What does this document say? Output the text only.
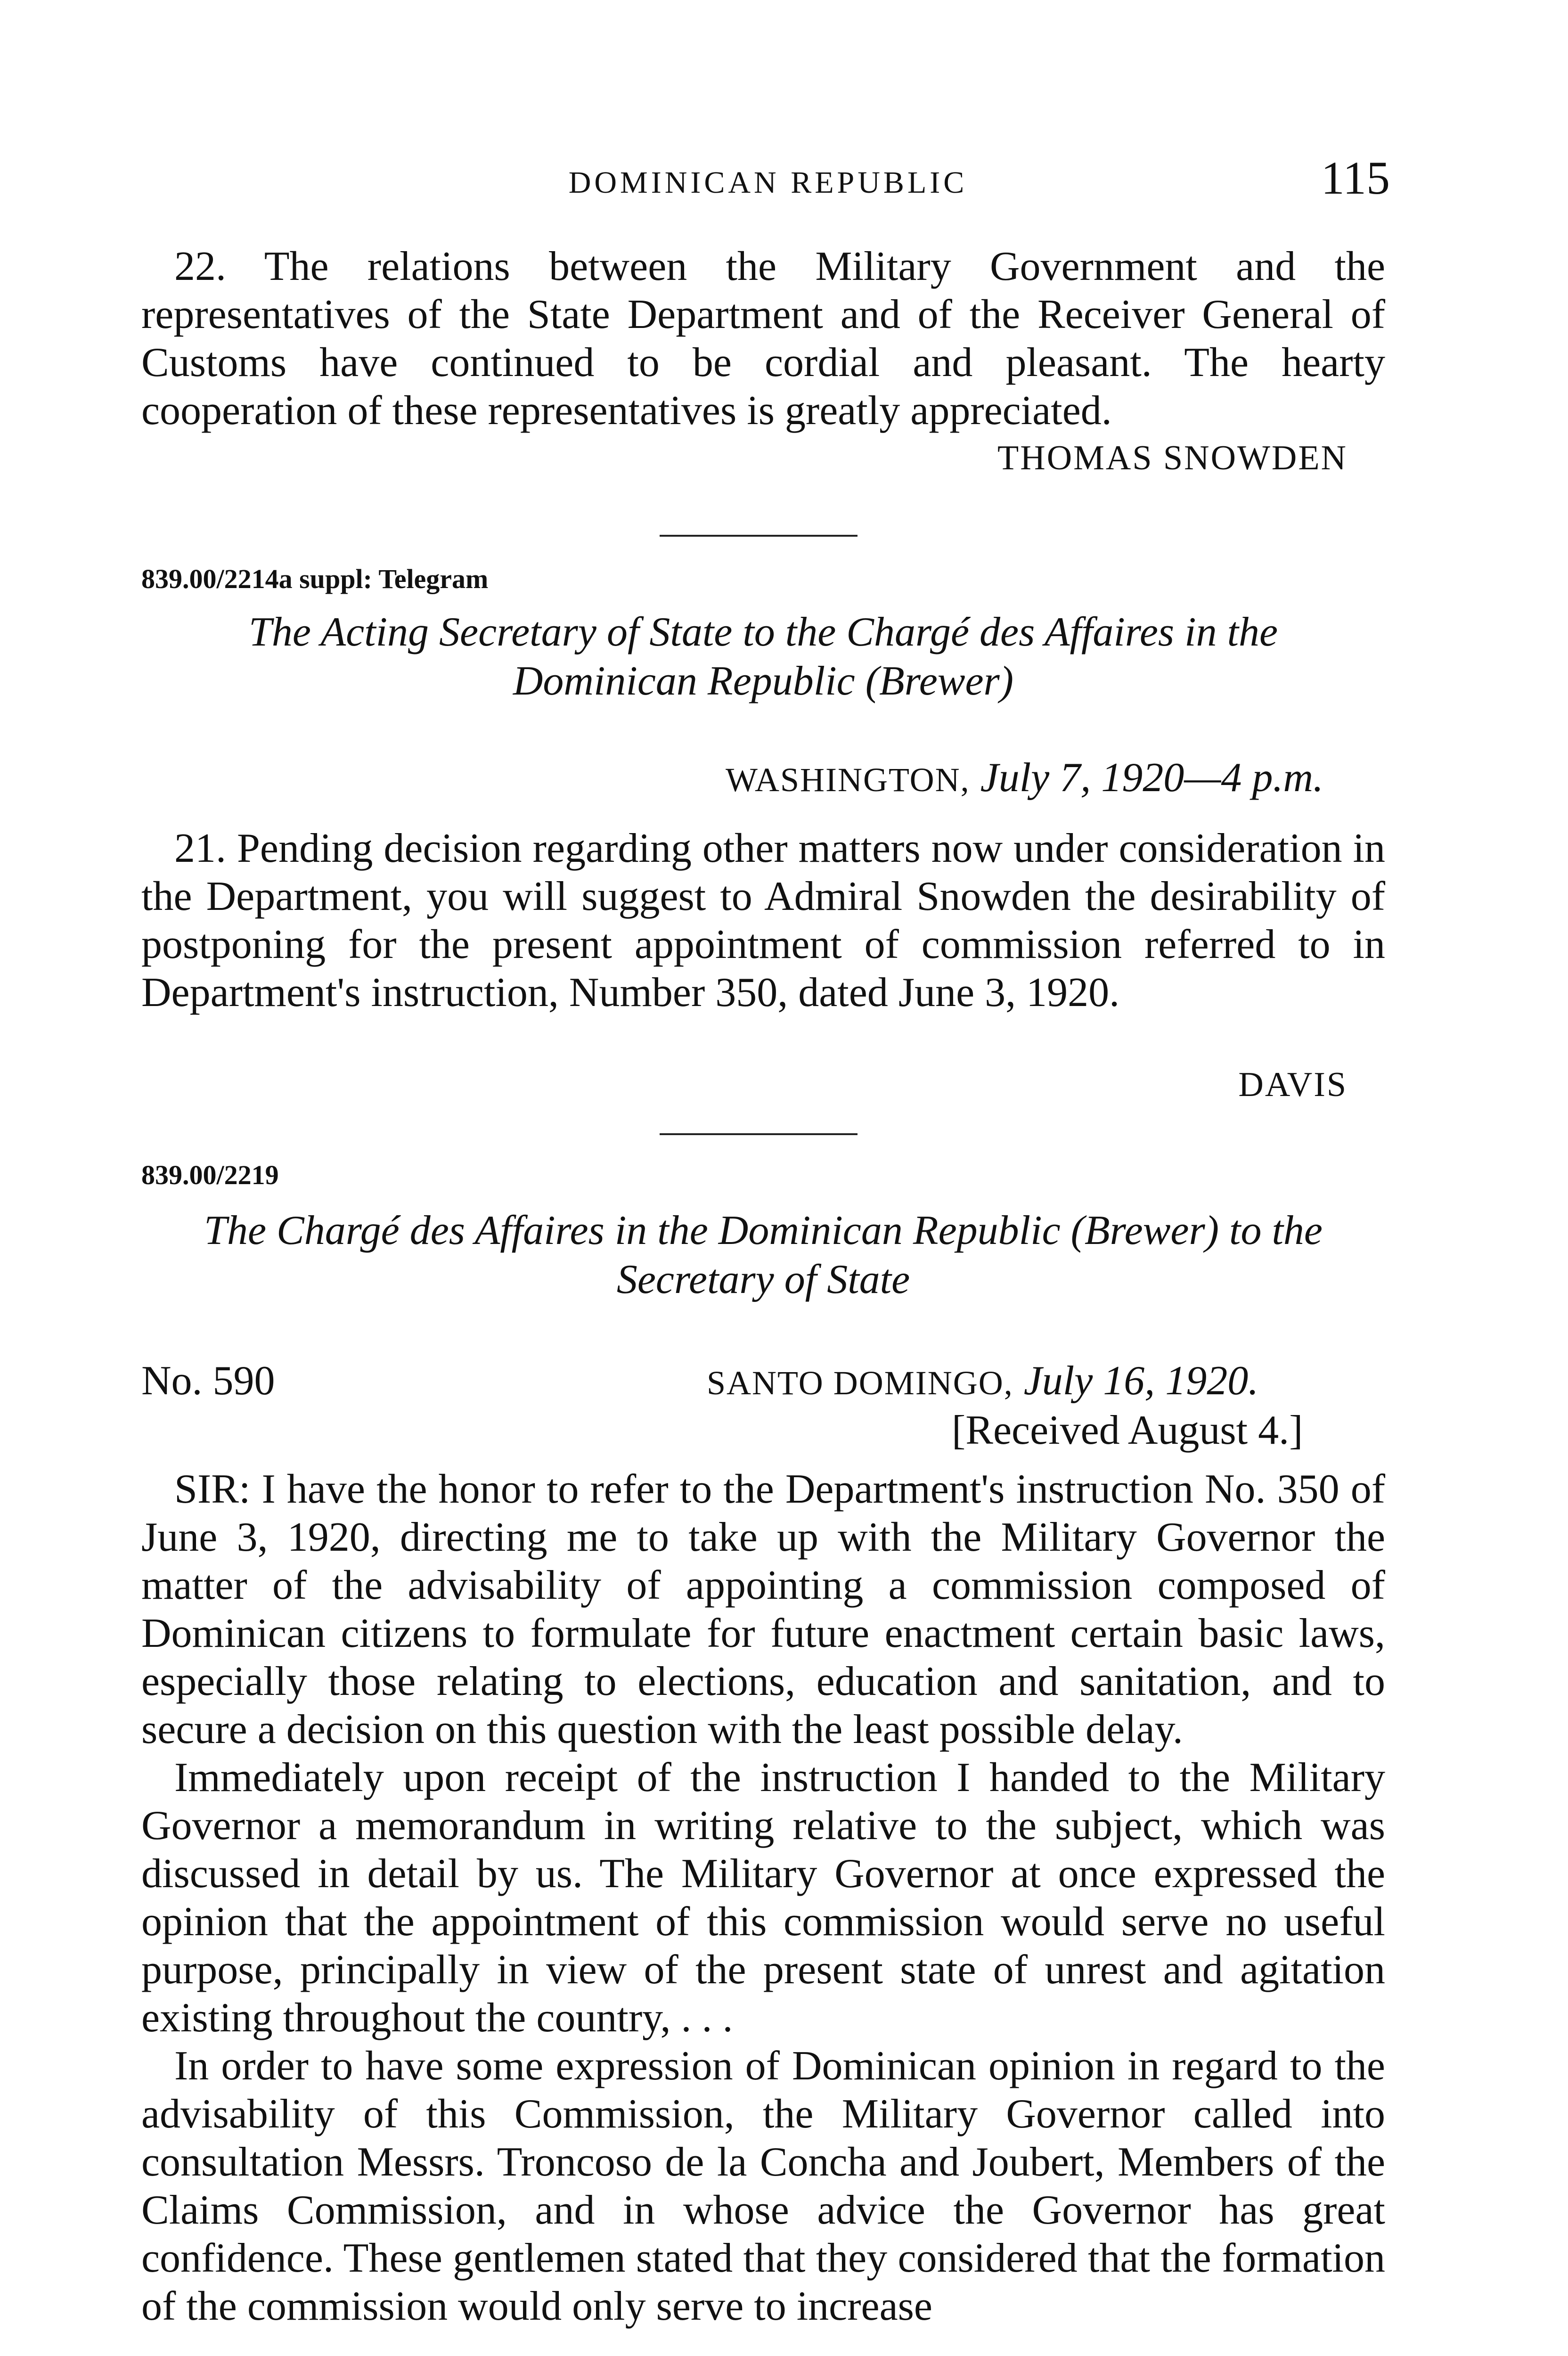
DOMINICAN REPUBLIC	115

22. The relations between the Military Government and the representatives of the State Department and of the Receiver General of Customs have continued to be cordial and pleasant. The hearty cooperation of these representatives is greatly appreciated.

THOMAS SNOWDEN
839.00/2214a suppl: Telegram
The Acting Secretary of State to the Chargé des Affaires in the
Dominican Republic (Brewer)
WASHINGTON, July 7, 1920—4 p.m.

21. Pending decision regarding other matters now under consideration in the Department, you will suggest to Admiral Snowden the desirability of postponing for the present appointment of commission referred to in Department's instruction, Number 350, dated June 3, 1920.

DAVIS
839.00/2219
The Chargé des Affaires in the Dominican Republic (Brewer) to the
Secretary of State
No. 590	SANTO DOMINGO, July 16, 1920.
[Received August 4.]

SIR: I have the honor to refer to the Department's instruction No. 350 of June 3, 1920, directing me to take up with the Military Governor the matter of the advisability of appointing a commission composed of Dominican citizens to formulate for future enactment certain basic laws, especially those relating to elections, education and sanitation, and to secure a decision on this question with the least possible delay.

Immediately upon receipt of the instruction I handed to the Military Governor a memorandum in writing relative to the subject, which was discussed in detail by us. The Military Governor at once expressed the opinion that the appointment of this commission would serve no useful purpose, principally in view of the present state of unrest and agitation existing throughout the country, . . .

In order to have some expression of Dominican opinion in regard to the advisability of this Commission, the Military Governor called into consultation Messrs. Troncoso de la Concha and Joubert, Members of the Claims Commission, and in whose advice the Governor has great confidence. These gentlemen stated that they considered that the formation of the commission would only serve to increase
